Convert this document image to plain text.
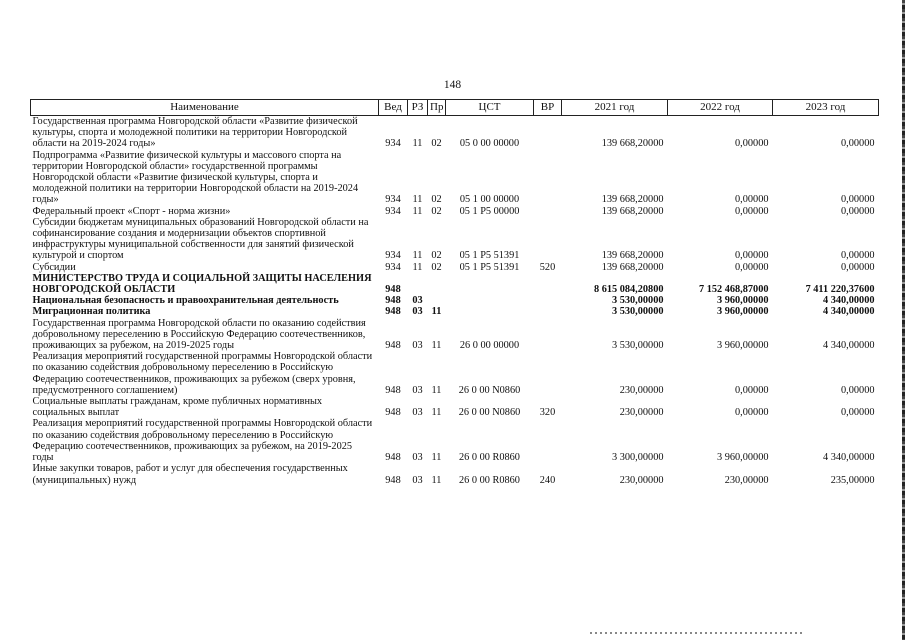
148
Наименование	Вед	РЗ	Пр	ЦСТ	ВР	2021 год	2022 год	2023 год
Государственная программа Новгородской области «Развитие физической культуры, спорта и молодежной политики на территории Новгородской области на 2019-2024 годы»	934	11	02	05 0 00 00000		139 668,20000	0,00000	0,00000
Подпрограмма «Развитие физической культуры и массового спорта на территории Новгородской области» государственной программы Новгородской области «Развитие физической культуры, спорта и молодежной политики на территории Новгородской области на 2019-2024 годы»	934	11	02	05 1 00 00000		139 668,20000	0,00000	0,00000
Федеральный проект «Спорт - норма жизни»	934	11	02	05 1 P5 00000		139 668,20000	0,00000	0,00000
Субсидии бюджетам муниципальных образований Новгородской области на софинансирование создания и модернизации объектов спортивной инфраструктуры муниципальной собственности для занятий физической культурой и спортом	934	11	02	05 1 P5 51391		139 668,20000	0,00000	0,00000
Субсидии	934	11	02	05 1 P5 51391	520	139 668,20000	0,00000	0,00000
МИНИСТЕРСТВО ТРУДА И СОЦИАЛЬНОЙ ЗАЩИТЫ НАСЕЛЕНИЯ НОВГОРОДСКОЙ ОБЛАСТИ	948					8 615 084,20800	7 152 468,87000	7 411 220,37600
Национальная безопасность и правоохранительная деятельность	948	03				3 530,00000	3 960,00000	4 340,00000
Миграционная политика	948	03	11			3 530,00000	3 960,00000	4 340,00000
Государственная программа Новгородской области по оказанию содействия добровольному переселению в Российскую Федерацию соотечественников, проживающих за рубежом, на 2019-2025 годы	948	03	11	26 0 00 00000		3 530,00000	3 960,00000	4 340,00000
Реализация мероприятий государственной программы Новгородской области по оказанию содействия добровольному переселению в Российскую Федерацию соотечественников, проживающих за рубежом (сверх уровня, предусмотренного соглашением)	948	03	11	26 0 00 N0860		230,00000	0,00000	0,00000
Социальные выплаты гражданам, кроме публичных нормативных социальных выплат	948	03	11	26 0 00 N0860	320	230,00000	0,00000	0,00000
Реализация мероприятий государственной программы Новгородской области по оказанию содействия добровольному переселению в Российскую Федерацию соотечественников, проживающих за рубежом, на 2019-2025 годы	948	03	11	26 0 00 R0860		3 300,00000	3 960,00000	4 340,00000
Иные закупки товаров, работ и услуг для обеспечения государственных (муниципальных) нужд	948	03	11	26 0 00 R0860	240	230,00000	230,00000	235,00000
